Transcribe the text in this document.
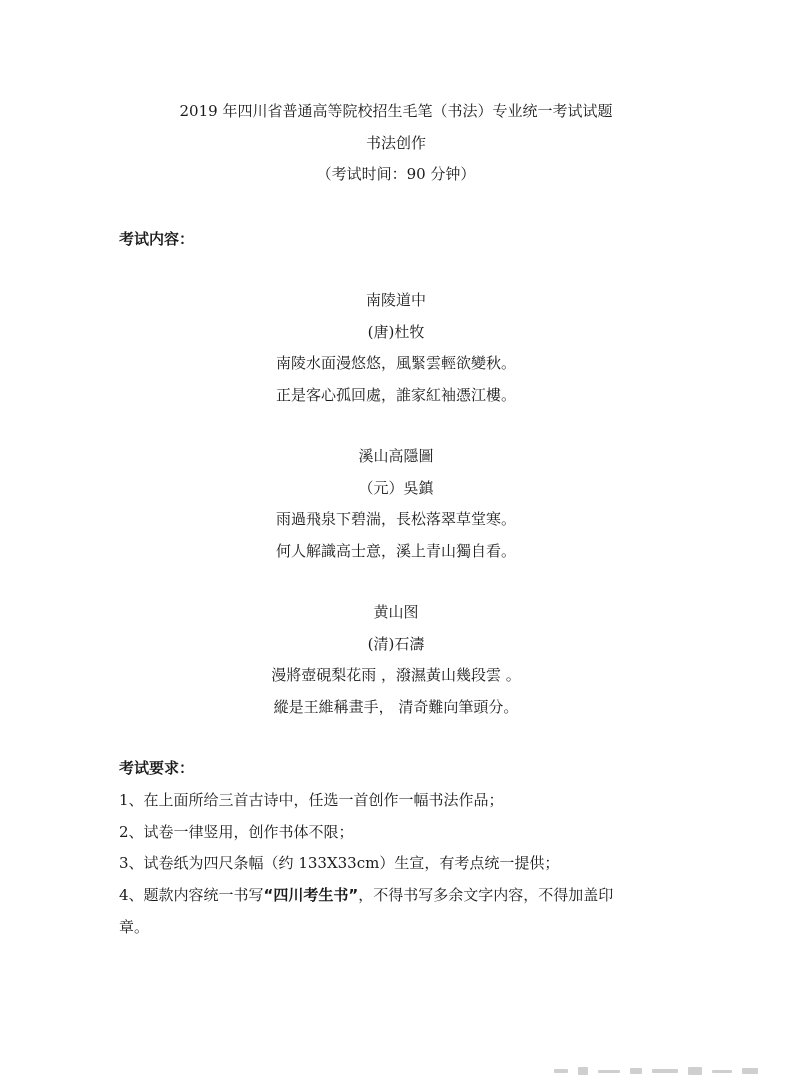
2019 年四川省普通高等院校招生毛笔（书法）专业统一考试试题
书法创作
（考试时间：90 分钟）
考试内容：
南陵道中
(唐)杜牧
南陵水面漫悠悠，風緊雲輕欲變秋。
正是客心孤回處，誰家紅袖憑江樓。
溪山高隱圖
（元）吳鎮
雨過飛泉下碧湍，長松落翠草堂寒。
何人解識高士意，溪上青山獨自看。
黄山图
(清)石濤
漫將壺硯梨花雨 ，潑濕黃山幾段雲 。
縱是王維稱畫手， 清奇難向筆頭分。
考试要求：
1、在上面所给三首古诗中，任选一首创作一幅书法作品；
2、试卷一律竖用，创作书体不限；
3、试卷纸为四尺条幅（约 133X33cm）生宣，有考点统一提供；
4、题款内容统一书写“四川考生书”，不得书写多余文字内容，不得加盖印
章。
